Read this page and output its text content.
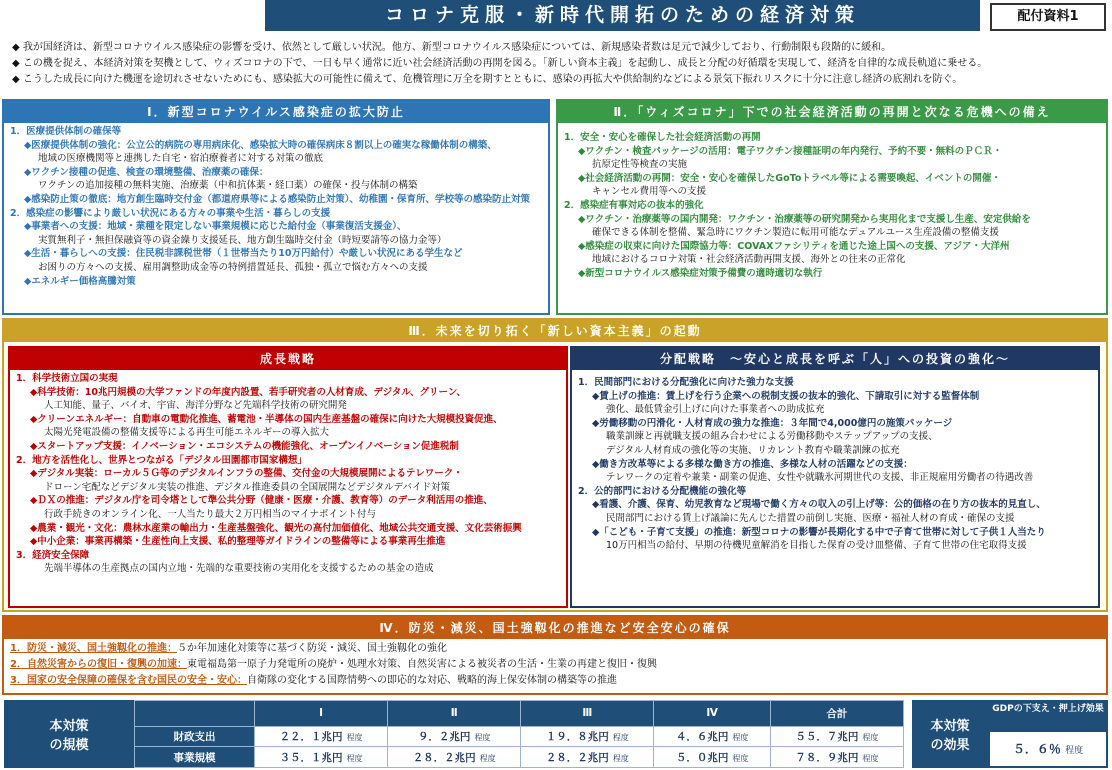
コロナ克服・新時代開拓のための経済対策	配付資料1

◆ 我が国経済は、新型コロナウイルス感染症の影響を受け、依然として厳しい状況。他方、新型コロナウイルス感染症については、新規感染者数は足元で減少しており、行動制限も段階的に緩和。

◆ この機を捉え、本経済対策を契機として、ウィズコロナの下で、一日も早く通常に近い社会経済活動の再開を図る。「新しい資本主義」を起動し、成長と分配の好循環を実現して、経済を自律的な成長軌道に乗せる。

◆ こうした成長に向けた機運を途切れさせないためにも、感染拡大の可能性に備えて、危機管理に万全を期すとともに、感染の再拡大や供給制約などによる景気下振れリスクに十分に注意し経済の底割れを防ぐ。

Ⅰ．新型コロナウイルス感染症の拡大防止

1．医療提供体制の確保等

◆医療提供体制の強化：公立公的病院の専用病床化、感染拡大時の確保病床８割以上の確実な稼働体制の構築、

地域の医療機関等と連携した自宅・宿泊療養者に対する対策の徹底

◆ワクチン接種の促進、検査の環境整備、治療薬の確保：

ワクチンの追加接種の無料実施、治療薬（中和抗体薬・経口薬）の確保・投与体制の構築

◆感染防止策の徹底：地方創生臨時交付金（都道府県等による感染防止対策）、幼稚園・保育所、学校等の感染防止対策

2．感染症の影響により厳しい状況にある方々の事業や生活・暮らしの支援

◆事業者への支援：地域・業種を限定しない事業規模に応じた給付金（事業復活支援金）、

実質無利子・無担保融資等の資金繰り支援延長、地方創生臨時交付金（時短要請等の協力金等）

◆生活・暮らしへの支援：住民税非課税世帯（１世帯当たり10万円給付）や厳しい状況にある学生など

お困りの方々への支援、雇用調整助成金等の特例措置延長、孤独・孤立で悩む方々への支援

◆エネルギー価格高騰対策

Ⅱ．「ウィズコロナ」下での社会経済活動の再開と次なる危機への備え

1．安全・安心を確保した社会経済活動の再開

◆ワクチン・検査パッケージの活用：電子ワクチン接種証明の年内発行、予約不要・無料のＰＣＲ・

抗原定性等検査の実施

◆社会経済活動の再開：安全・安心を確保したGoToトラベル等による需要喚起、イベントの開催・

キャンセル費用等への支援

2．感染症有事対応の抜本的強化

◆ワクチン・治療薬等の国内開発：ワクチン・治療薬等の研究開発から実用化まで支援し生産、安定供給を

確保できる体制を整備、緊急時にワクチン製造に転用可能なデュアルユース生産設備の整備支援

◆感染症の収束に向けた国際協力等：COVAXファシリティを通じた途上国への支援、アジア・大洋州

地域におけるコロナ対策・社会経済活動再開支援、海外との往来の正常化

◆新型コロナウイルス感染症対策予備費の適時適切な執行

Ⅲ．未来を切り拓く「新しい資本主義」の起動
成長戦略

1．科学技術立国の実現

◆科学技術：10兆円規模の大学ファンドの年度内設置、若手研究者の人材育成、デジタル、グリーン、

人工知能、量子、バイオ、宇宙、海洋分野など先端科学技術の研究開発

◆クリーンエネルギー：自動車の電動化推進、蓄電池・半導体の国内生産基盤の確保に向けた大規模投資促進、

太陽光発電設備の整備支援等による再生可能エネルギーの導入拡大

◆スタートアップ支援：イノベーション・エコシステムの機能強化、オープンイノベーション促進税制

2．地方を活性化し、世界とつながる「デジタル田園都市国家構想」

◆デジタル実装：ローカル５Ｇ等のデジタルインフラの整備、交付金の大規模展開によるテレワーク・

ドローン宅配などデジタル実装の推進、デジタル推進委員の全国展開などデジタルデバイド対策

◆ＤＸの推進：デジタル庁を司令塔として準公共分野（健康・医療・介護、教育等）のデータ利活用の推進、

行政手続きのオンライン化、一人当たり最大２万円相当のマイナポイント付与

◆農業・観光・文化：農林水産業の輸出力・生産基盤強化、観光の高付加価値化、地域公共交通支援、文化芸術振興

◆中小企業：事業再構築・生産性向上支援、私的整理等ガイドラインの整備等による事業再生推進

3．経済安全保障

先端半導体の生産拠点の国内立地・先端的な重要技術の実用化を支援するための基金の造成

分配戦略　～安心と成長を呼ぶ「人」への投資の強化～

1．民間部門における分配強化に向けた強力な支援

◆賃上げの推進：賃上げを行う企業への税制支援の抜本的強化、下請取引に対する監督体制

強化、最低賃金引上げに向けた事業者への助成拡充

◆労働移動の円滑化・人材育成の強力な推進：３年間で4,000億円の施策パッケージ

職業訓練と再就職支援の組み合わせによる労働移動やステップアップの支援、

デジタル人材育成の強化等の実施、リカレント教育や職業訓練の拡充

◆働き方改革等による多様な働き方の推進、多様な人材の活躍などの支援：

テレワークの定着や兼業・副業の促進、女性や就職氷河期世代の支援、非正規雇用労働者の待遇改善

2．公的部門における分配機能の強化等

◆看護、介護、保育、幼児教育など現場で働く方々の収入の引上げ等：公的価格の在り方の抜本的見直し、

民間部門における賃上げ議論に先んじた措置の前倒し実施、医療・福祉人材の育成・確保の支援

◆「こども・子育て支援」の推進：新型コロナの影響が長期化する中で子育て世帯に対して子供１人当たり

10万円相当の給付、早期の待機児童解消を目指した保育の受け皿整備、子育て世帯の住宅取得支援

Ⅳ．防災・減災、国土強靱化の推進など安全安心の確保

1．防災・減災、国土強靱化の推進：５か年加速化対策等に基づく防災・減災、国土強靱化の強化

2．自然災害からの復旧・復興の加速：東電福島第一原子力発電所の廃炉・処理水対策、自然災害による被災者の生活・生業の再建と復旧・復興

3．国家の安全保障の確保を含む国民の安全・安心：自衛隊の変化する国際情勢への即応的な対応、戦略的海上保安体制の構築等の推進

本対策
の規模
	Ⅰ	Ⅱ	Ⅲ	Ⅳ	合計
財政支出	２２．１兆円 程度	９．２兆円 程度	１９．８兆円 程度	４．６兆円 程度	５５．７兆円 程度
事業規模	３５．１兆円 程度	２８．２兆円 程度	２８．２兆円 程度	５．０兆円 程度	７８．９兆円 程度
本対策
の効果
GDPの下支え・押上げ効果
５．６％ 程度
